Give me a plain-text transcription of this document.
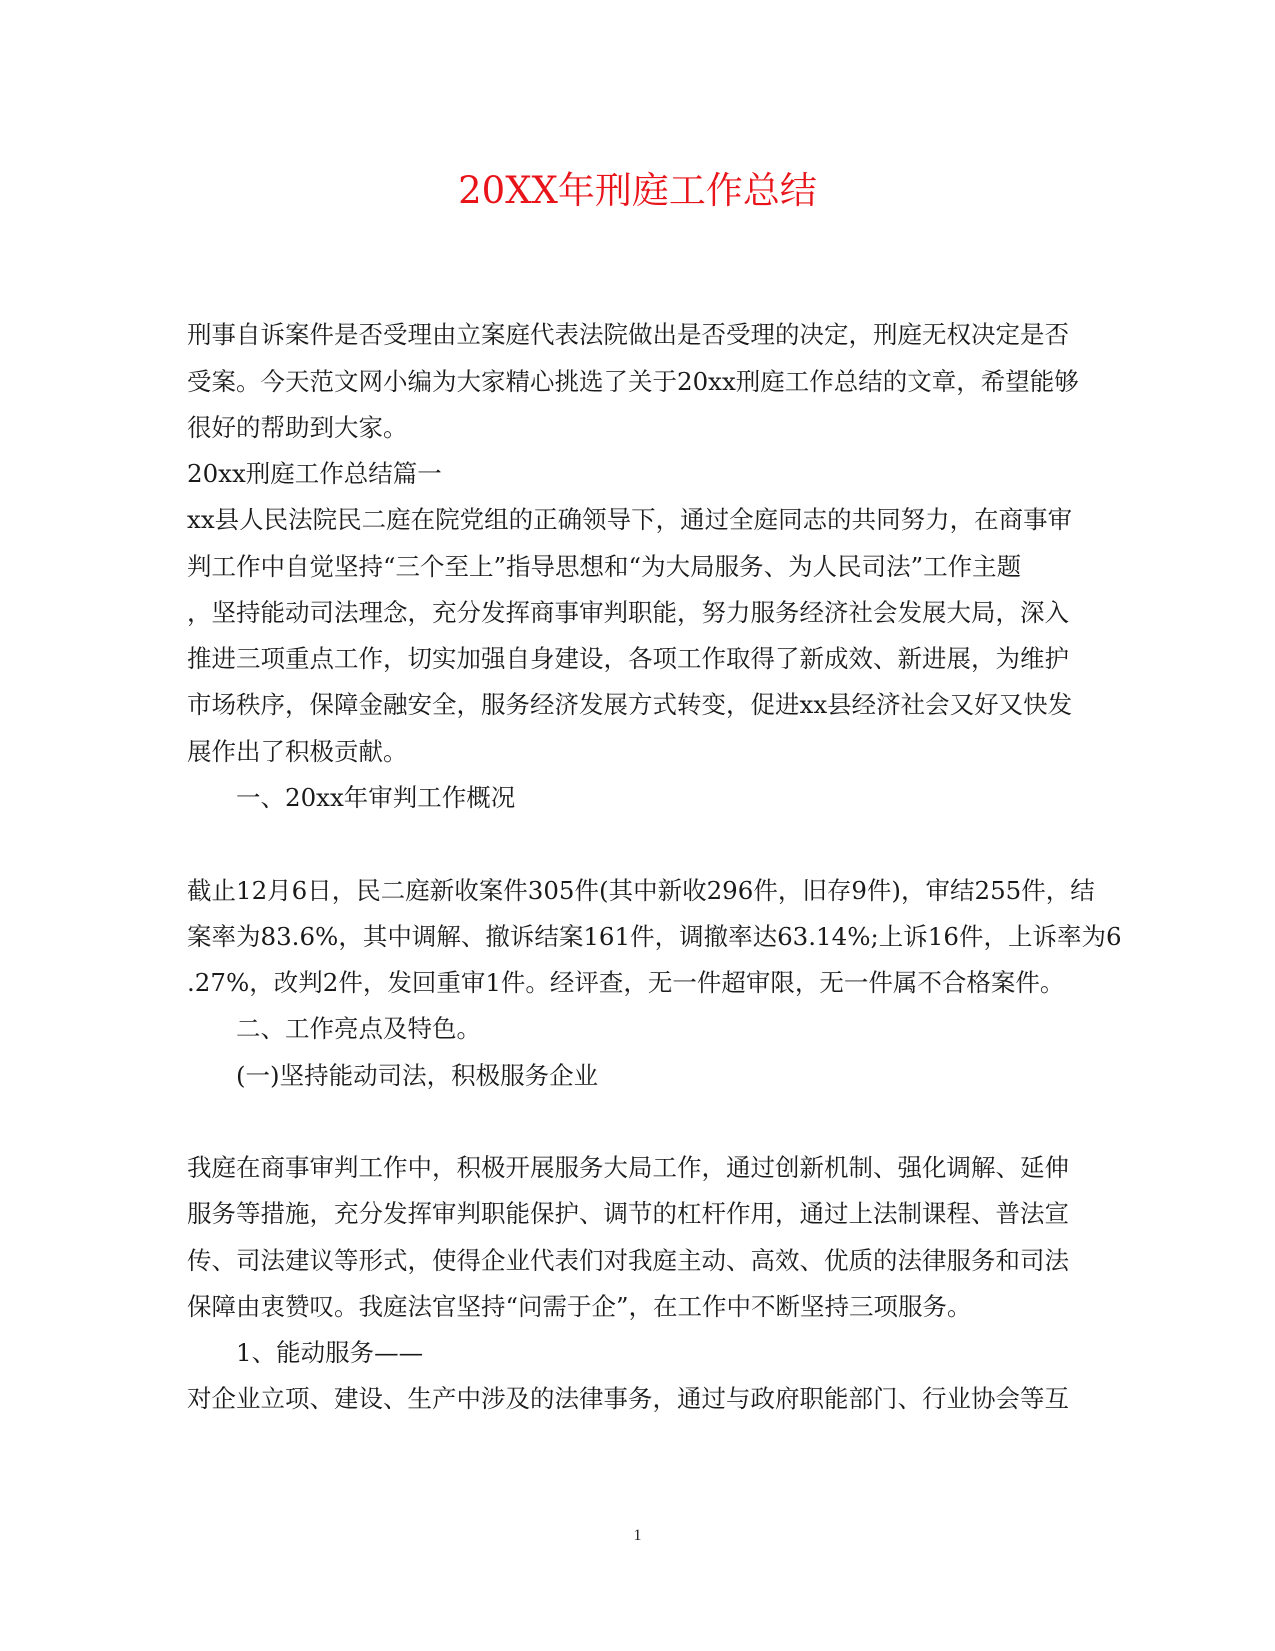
20XX年刑庭工作总结
刑事自诉案件是否受理由立案庭代表法院做出是否受理的决定，刑庭无权决定是否
受案。今天范文网小编为大家精心挑选了关于20xx刑庭工作总结的文章，希望能够
很好的帮助到大家。
20xx刑庭工作总结篇一
xx县人民法院民二庭在院党组的正确领导下，通过全庭同志的共同努力，在商事审
判工作中自觉坚持“三个至上”指导思想和“为大局服务、为人民司法”工作主题
，坚持能动司法理念，充分发挥商事审判职能，努力服务经济社会发展大局，深入
推进三项重点工作，切实加强自身建设，各项工作取得了新成效、新进展，为维护
市场秩序，保障金融安全，服务经济发展方式转变，促进xx县经济社会又好又快发
展作出了积极贡献。
一、20xx年审判工作概况
截止12月6日，民二庭新收案件305件(其中新收296件，旧存9件)，审结255件，结
案率为83.6%，其中调解、撤诉结案161件，调撤率达63.14%;上诉16件，上诉率为6
.27%，改判2件，发回重审1件。经评查，无一件超审限，无一件属不合格案件。
二、工作亮点及特色。
(一)坚持能动司法，积极服务企业
我庭在商事审判工作中，积极开展服务大局工作，通过创新机制、强化调解、延伸
服务等措施，充分发挥审判职能保护、调节的杠杆作用，通过上法制课程、普法宣
传、司法建议等形式，使得企业代表们对我庭主动、高效、优质的法律服务和司法
保障由衷赞叹。我庭法官坚持“问需于企”，在工作中不断坚持三项服务。
1、能动服务——
对企业立项、建设、生产中涉及的法律事务，通过与政府职能部门、行业协会等互
1
